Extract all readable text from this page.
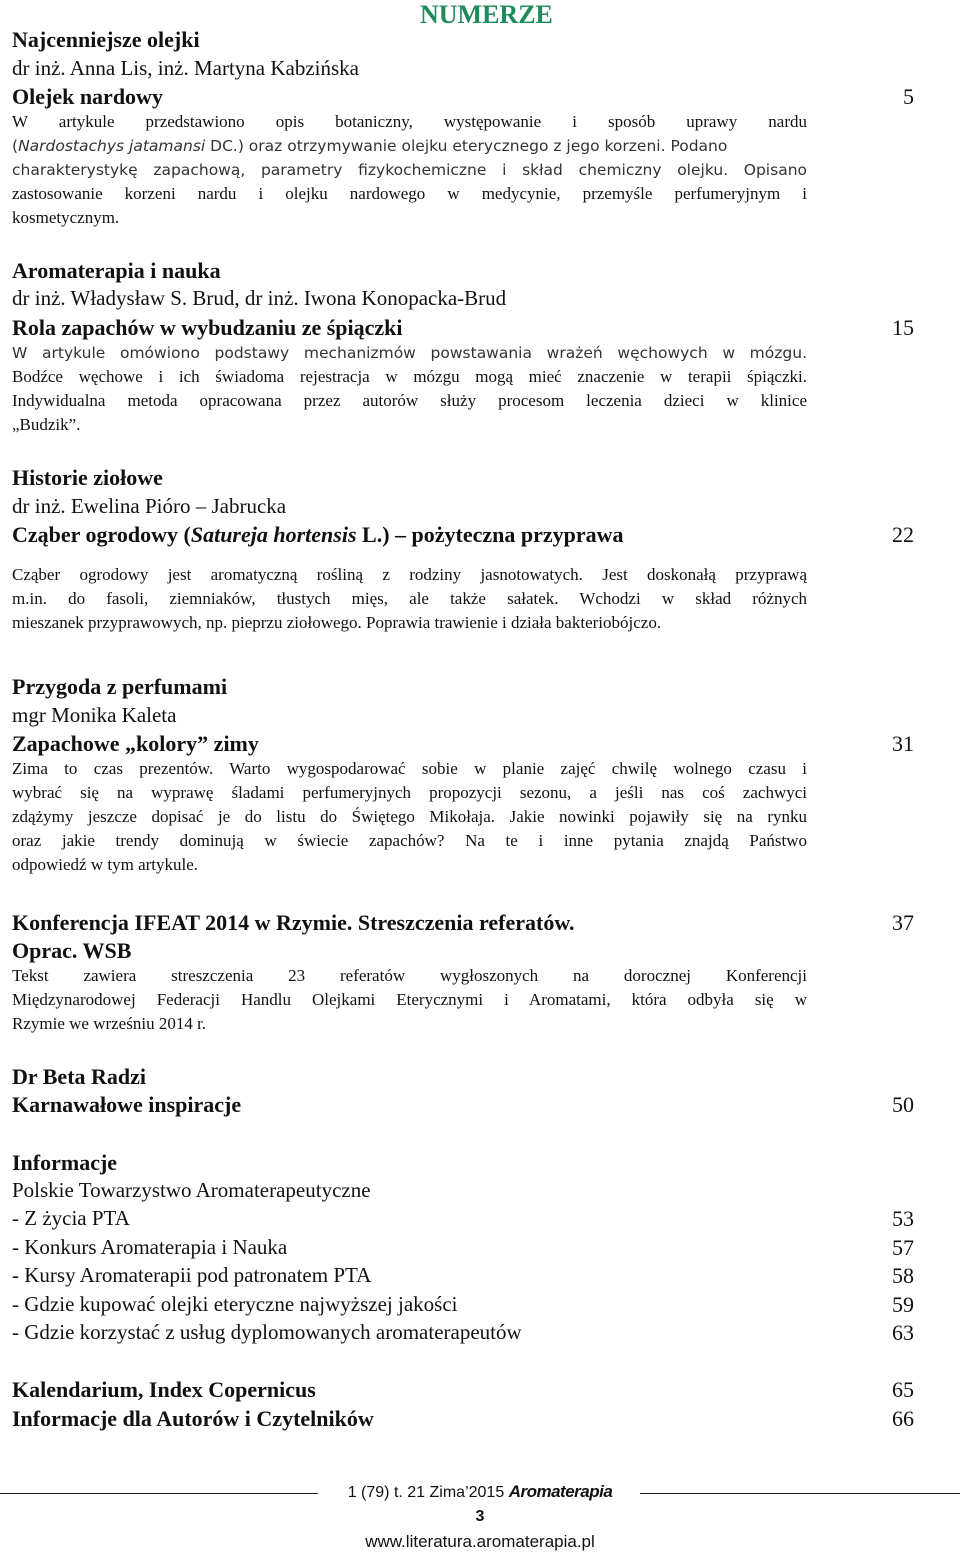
NUMERZE
Najcenniejsze olejki
dr inż. Anna Lis, inż. Martyna Kabzińska
Olejek nardowy	5
W artykule przedstawiono opis botaniczny, występowanie i sposób uprawy nardu
(Nardostachys jatamansi DC.) oraz otrzymywanie olejku eterycznego z jego korzeni. Podano
charakterystykę zapachową, parametry fizykochemiczne i skład chemiczny olejku. Opisano
zastosowanie korzeni nardu i olejku nardowego w medycynie, przemyśle perfumeryjnym i
kosmetycznym.
Aromaterapia i nauka
dr inż. Władysław S. Brud, dr inż. Iwona Konopacka-Brud
Rola zapachów w wybudzaniu ze śpiączki	15
W artykule omówiono podstawy mechanizmów powstawania wrażeń węchowych w mózgu.
Bodźce węchowe i ich świadoma rejestracja w mózgu mogą mieć znaczenie w terapii śpiączki.
Indywidualna metoda opracowana przez autorów służy procesom leczenia dzieci w klinice
„Budzik”.
Historie ziołowe
dr inż. Ewelina Pióro – Jabrucka
Cząber ogrodowy (Satureja hortensis L.) – pożyteczna przyprawa	22
Cząber ogrodowy jest aromatyczną rośliną z rodziny jasnotowatych. Jest doskonałą przyprawą
m.in. do fasoli, ziemniaków, tłustych mięs, ale także sałatek. Wchodzi w skład różnych
mieszanek przyprawowych, np. pieprzu ziołowego. Poprawia trawienie i działa bakteriobójczo.
Przygoda z perfumami
mgr Monika Kaleta
Zapachowe „kolory” zimy	31
Zima to czas prezentów. Warto wygospodarować sobie w planie zajęć chwilę wolnego czasu i
wybrać się na wyprawę śladami perfumeryjnych propozycji sezonu, a jeśli nas coś zachwyci
zdążymy jeszcze dopisać je do listu do Świętego Mikołaja. Jakie nowinki pojawiły się na rynku
oraz jakie trendy dominują w świecie zapachów? Na te i inne pytania znajdą Państwo
odpowiedź w tym artykule.
Konferencja IFEAT 2014 w Rzymie. Streszczenia referatów.	37
Oprac. WSB
Tekst zawiera streszczenia 23 referatów wygłoszonych na dorocznej Konferencji
Międzynarodowej Federacji Handlu Olejkami Eterycznymi i Aromatami, która odbyła się w
Rzymie we wrześniu 2014 r.
Dr Beta Radzi
Karnawałowe inspiracje	50
Informacje
Polskie Towarzystwo Aromaterapeutyczne
- Z życia PTA	53
- Konkurs Aromaterapia i Nauka	57
- Kursy Aromaterapii pod patronatem PTA	58
- Gdzie kupować olejki eteryczne najwyższej jakości	59
- Gdzie korzystać z usług dyplomowanych aromaterapeutów	63
Kalendarium, Index Copernicus	65
Informacje dla Autorów i Czytelników	66
1 (79) t. 21 Zima’2015 Aromaterapia
3
www.literatura.aromaterapia.pl
